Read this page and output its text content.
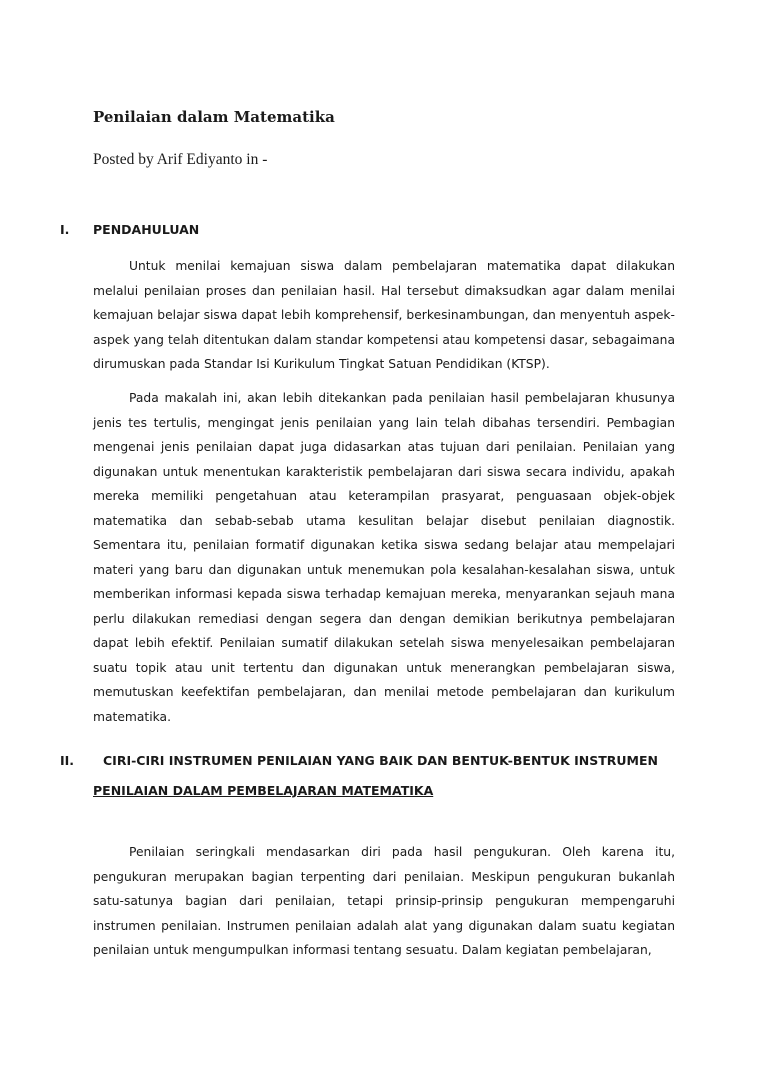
Penilaian dalam Matematika
Posted by Arif Ediyanto in -
I. PENDAHULUAN

Untuk menilai kemajuan siswa dalam pembelajaran matematika dapat dilakukan melalui penilaian proses dan penilaian hasil. Hal tersebut dimaksudkan agar dalam menilai kemajuan belajar siswa dapat lebih komprehensif, berkesinambungan, dan menyentuh aspek-aspek yang telah ditentukan dalam standar kompetensi atau kompetensi dasar, sebagaimana dirumuskan pada Standar Isi Kurikulum Tingkat Satuan Pendidikan (KTSP).

Pada makalah ini, akan lebih ditekankan pada penilaian hasil pembelajaran khusunya jenis tes tertulis, mengingat jenis penilaian yang lain telah dibahas tersendiri. Pembagian mengenai jenis penilaian dapat juga didasarkan atas tujuan dari penilaian. Penilaian yang digunakan untuk menentukan karakteristik pembelajaran dari siswa secara individu, apakah mereka memiliki pengetahuan atau keterampilan prasyarat, penguasaan objek-objek matematika dan sebab-sebab utama kesulitan belajar disebut penilaian diagnostik. Sementara itu, penilaian formatif digunakan ketika siswa sedang belajar atau mempelajari materi yang baru dan digunakan untuk menemukan pola kesalahan-kesalahan siswa, untuk memberikan informasi kepada siswa terhadap kemajuan mereka, menyarankan sejauh mana perlu dilakukan remediasi dengan segera dan dengan demikian berikutnya pembelajaran dapat lebih efektif. Penilaian sumatif dilakukan setelah siswa menyelesaikan pembelajaran suatu topik atau unit tertentu dan digunakan untuk menerangkan pembelajaran siswa, memutuskan keefektifan pembelajaran, dan menilai metode pembelajaran dan kurikulum matematika.

II.	CIRI-CIRI INSTRUMEN PENILAIAN YANG BAIK DAN BENTUK-BENTUK INSTRUMEN
PENILAIAN DALAM PEMBELAJARAN MATEMATIKA

Penilaian seringkali mendasarkan diri pada hasil pengukuran. Oleh karena itu, pengukuran merupakan bagian terpenting dari penilaian. Meskipun pengukuran bukanlah satu-satunya bagian dari penilaian, tetapi prinsip-prinsip pengukuran mempengaruhi instrumen penilaian. Instrumen penilaian adalah alat yang digunakan dalam suatu kegiatan penilaian untuk mengumpulkan informasi tentang sesuatu. Dalam kegiatan pembelajaran,
